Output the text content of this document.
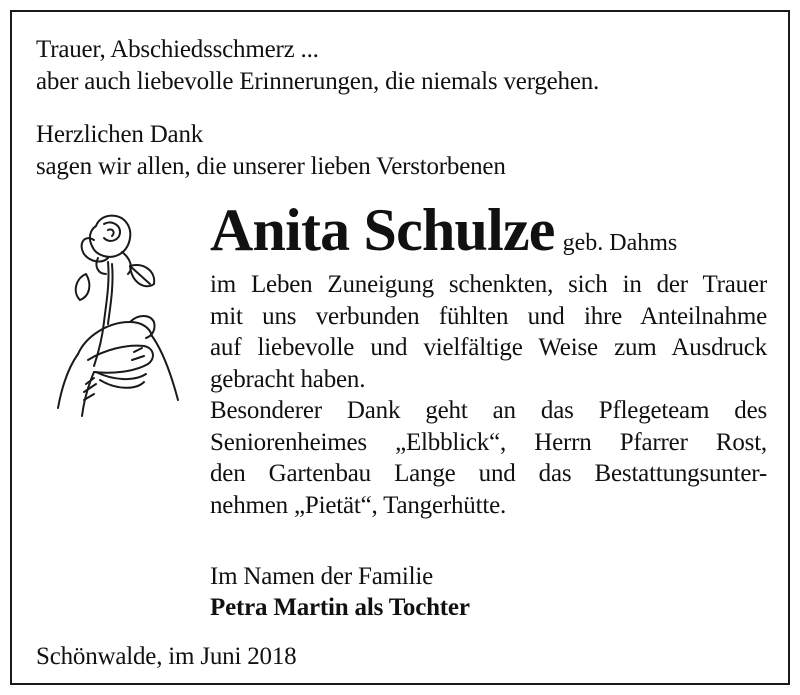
Trauer, Abschiedsschmerz ...
aber auch liebevolle Erinnerungen, die niemals vergehen.
Herzlichen Dank
sagen wir allen, die unserer lieben Verstorbenen
Anita Schulze geb. Dahms
im Leben Zuneigung schenkten, sich in der Trauer
mit uns verbunden fühlten und ihre Anteilnahme
auf liebevolle und vielfältige Weise zum Ausdruck
gebracht haben.
Besonderer Dank geht an das Pflegeteam des
Seniorenheimes „Elbblick“, Herrn Pfarrer Rost,
den Gartenbau Lange und das Bestattungsunter-
nehmen „Pietät“, Tangerhütte.
Im Namen der Familie
Petra Martin als Tochter
Schönwalde, im Juni 2018
